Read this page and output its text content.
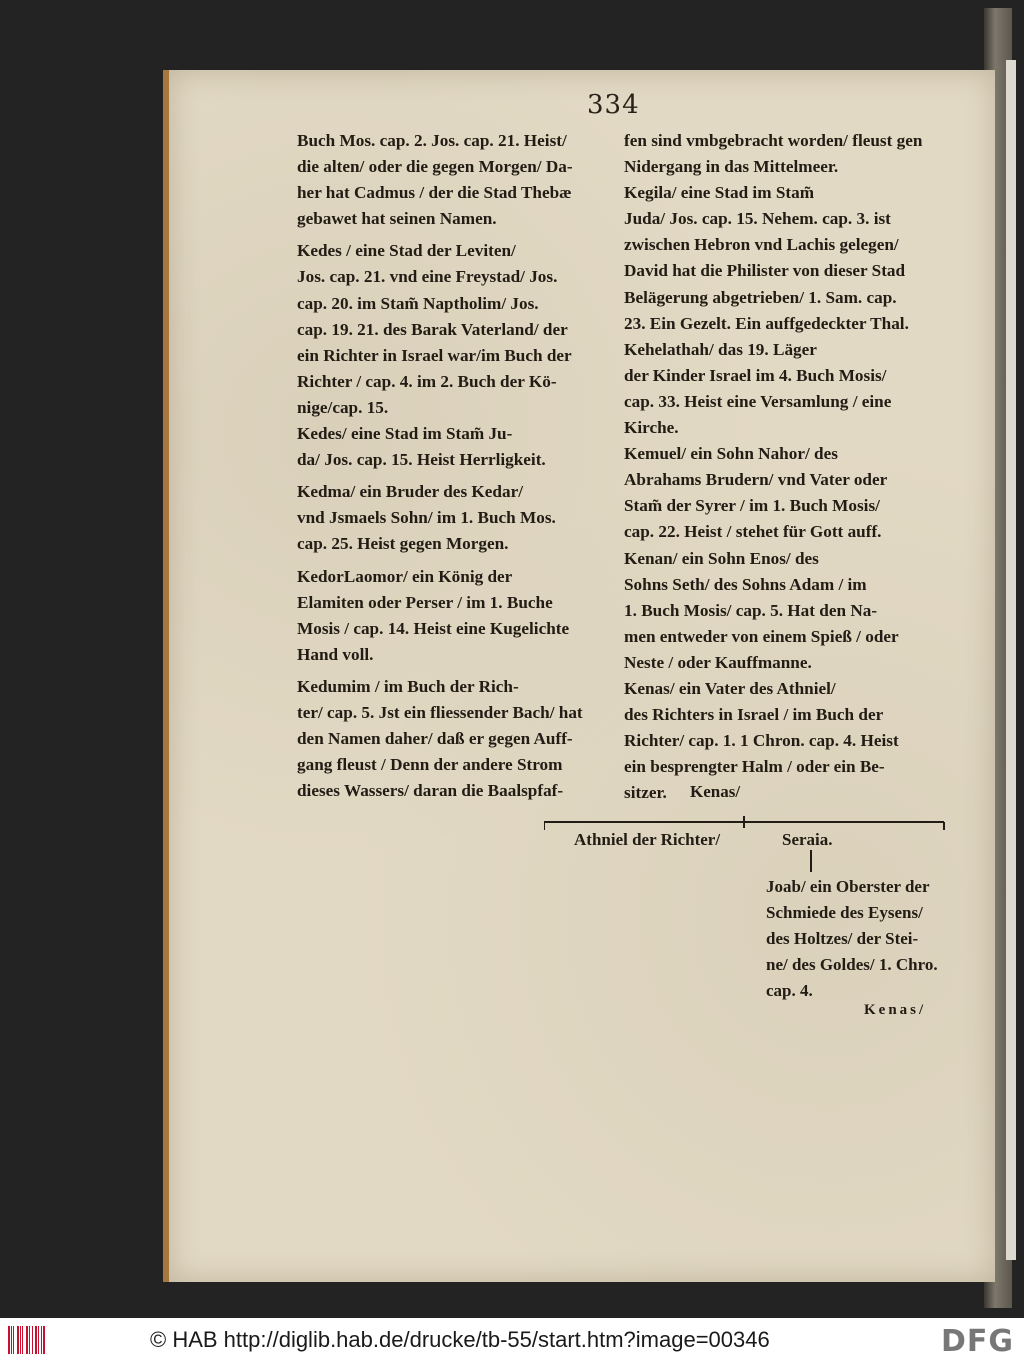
334
Buch Mos. cap. 2. Jos. cap. 21. Heist/
die alten/ oder die gegen Morgen/ Da-
her hat Cadmus / der die Stad Thebæ
gebawet hat seinen Namen.
Kedes / eine Stad der Leviten/
Jos. cap. 21. vnd eine Freystad/ Jos.
cap. 20. im Stam̃ Naptholim/ Jos.
cap. 19. 21. des Barak Vaterland/ der
ein Richter in Israel war/im Buch der
Richter / cap. 4. im 2. Buch der Kö-
nige/cap. 15.
Kedes/ eine Stad im Stam̃ Ju-
da/ Jos. cap. 15. Heist Herrligkeit.
Kedma/ ein Bruder des Kedar/
vnd Jsmaels Sohn/ im 1. Buch Mos.
cap. 25. Heist gegen Morgen.
KedorLaomor/ ein König der
Elamiten oder Perser / im 1. Buche
Mosis / cap. 14. Heist eine Kugelichte
Hand voll.
Kedumim / im Buch der Rich-
ter/ cap. 5. Jst ein fliessender Bach/ hat
den Namen daher/ daß er gegen Auff-
gang fleust / Denn der andere Strom
dieses Wassers/ daran die Baalspfaf-
fen sind vmbgebracht worden/ fleust gen
Nidergang in das Mittelmeer.
Kegila/ eine Stad im Stam̃
Juda/ Jos. cap. 15. Nehem. cap. 3. ist
zwischen Hebron vnd Lachis gelegen/
David hat die Philister von dieser Stad
Belägerung abgetrieben/ 1. Sam. cap.
23. Ein Gezelt. Ein auffgedeckter Thal.
Kehelathah/ das 19. Läger
der Kinder Israel im 4. Buch Mosis/
cap. 33. Heist eine Versamlung / eine
Kirche.
Kemuel/ ein Sohn Nahor/ des
Abrahams Brudern/ vnd Vater oder
Stam̃ der Syrer / im 1. Buch Mosis/
cap. 22. Heist / stehet für Gott auff.
Kenan/ ein Sohn Enos/ des
Sohns Seth/ des Sohns Adam / im
1. Buch Mosis/ cap. 5. Hat den Na-
men entweder von einem Spieß / oder
Neste / oder Kauffmanne.
Kenas/ ein Vater des Athniel/
des Richters in Israel / im Buch der
Richter/ cap. 1. 1 Chron. cap. 4. Heist
ein besprengter Halm / oder ein Be-
sitzer.	Kenas/
Athniel der Richter/	Seraia.
Joab/ ein Oberster der
Schmiede des Eysens/
des Holtzes/ der Stei-
ne/ des Goldes/ 1. Chro.
cap. 4.
Kenas/
© HAB http://diglib.hab.de/drucke/tb-55/start.htm?image=00346	DFG
